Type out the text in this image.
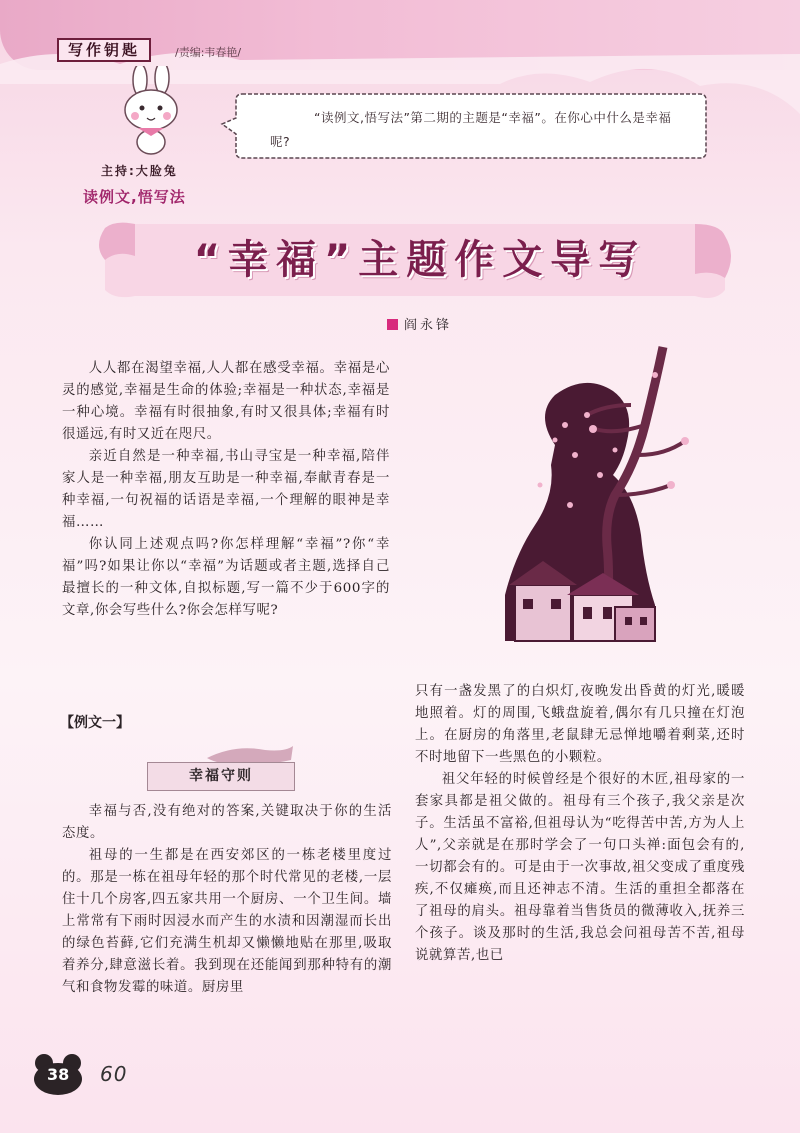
写作钥匙	/责编:韦春艳/
主持:大脸兔
“读例文,悟写法”第二期的主题是“幸福”。在你心中什么是幸福呢?
读例文,悟写法
“幸福”主题作文导写
阎永锋

人人都在渴望幸福,人人都在感受幸福。幸福是心灵的感觉,幸福是生命的体验;幸福是一种状态,幸福是一种心境。幸福有时很抽象,有时又很具体;幸福有时很遥远,有时又近在咫尺。

亲近自然是一种幸福,书山寻宝是一种幸福,陪伴家人是一种幸福,朋友互助是一种幸福,奉献青春是一种幸福,一句祝福的话语是幸福,一个理解的眼神是幸福……

你认同上述观点吗?你怎样理解“幸福”?你“幸福”吗?如果让你以“幸福”为话题或者主题,选择自己最擅长的一种文体,自拟标题,写一篇不少于600字的文章,你会写些什么?你会怎样写呢?

【例文一】
幸福守则

幸福与否,没有绝对的答案,关键取决于你的生活态度。

祖母的一生都是在西安郊区的一栋老楼里度过的。那是一栋在祖母年轻的那个时代常见的老楼,一层住十几个房客,四五家共用一个厨房、一个卫生间。墙上常常有下雨时因浸水而产生的水渍和因潮湿而长出的绿色苔藓,它们充满生机却又懒懒地贴在那里,吸取着养分,肆意滋长着。我到现在还能闻到那种特有的潮气和食物发霉的味道。厨房里

只有一盏发黑了的白炽灯,夜晚发出昏黄的灯光,暖暖地照着。灯的周围,飞蛾盘旋着,偶尔有几只撞在灯泡上。在厨房的角落里,老鼠肆无忌惮地嚼着剩菜,还时不时地留下一些黑色的小颗粒。

祖父年轻的时候曾经是个很好的木匠,祖母家的一套家具都是祖父做的。祖母有三个孩子,我父亲是次子。生活虽不富裕,但祖母认为“吃得苦中苦,方为人上人”,父亲就是在那时学会了一句口头禅:面包会有的,一切都会有的。可是由于一次事故,祖父变成了重度残疾,不仅瘫痪,而且还神志不清。生活的重担全都落在了祖母的肩头。祖母靠着当售货员的微薄收入,抚养三个孩子。谈及那时的生活,我总会问祖母苦不苦,祖母说就算苦,也已

38 60
